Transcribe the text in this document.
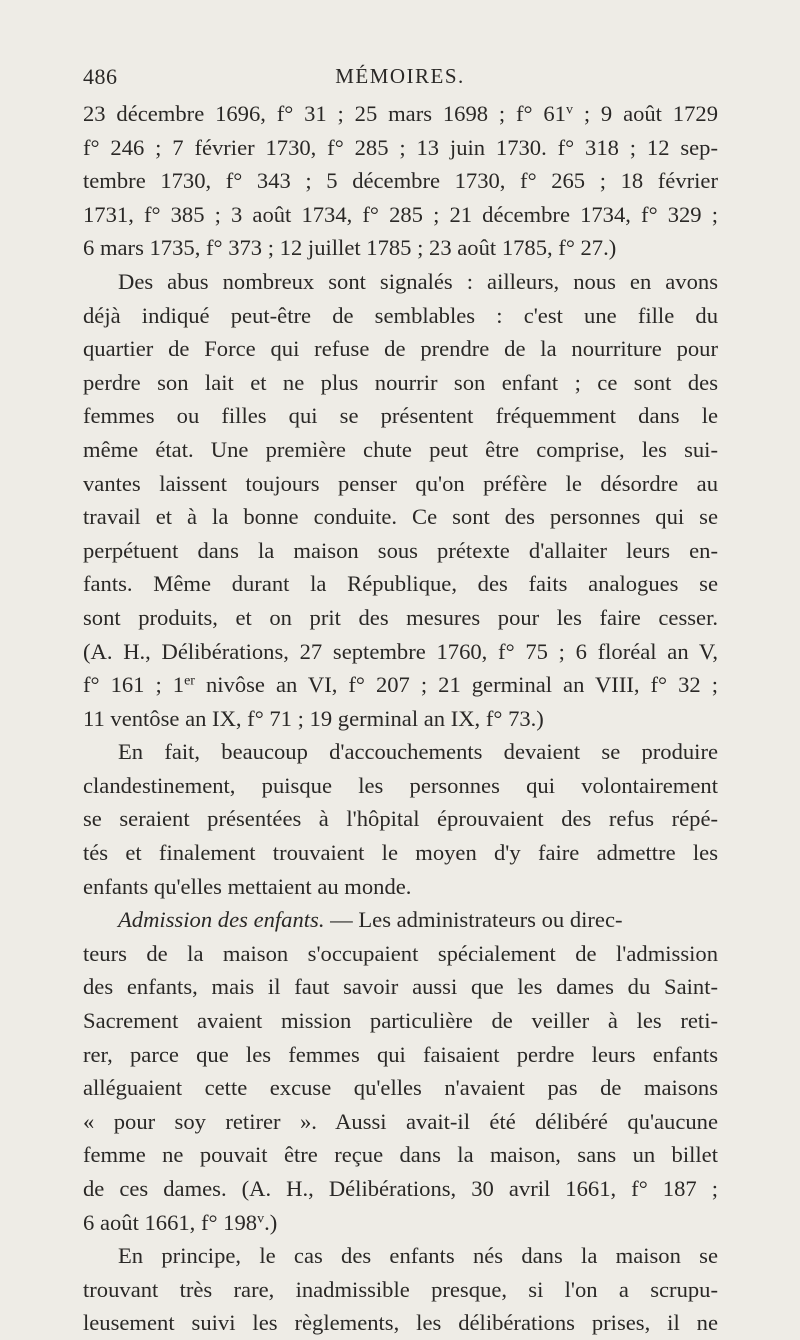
486	MÉMOIRES.
23 décembre 1696, f° 31 ; 25 mars 1698 ; f° 61$^v$ ; 9 août 1729
f° 246 ; 7 février 1730, f° 285 ; 13 juin 1730. f° 318 ; 12 sep-
tembre 1730, f° 343 ; 5 décembre 1730, f° 265 ; 18 février
1731, f° 385 ; 3 août 1734, f° 285 ; 21 décembre 1734, f° 329 ;
6 mars 1735, f° 373 ; 12 juillet 1785 ; 23 août 1785, f° 27.)
Des abus nombreux sont signalés : ailleurs, nous en avons
déjà indiqué peut-être de semblables : c'est une fille du
quartier de Force qui refuse de prendre de la nourriture pour
perdre son lait et ne plus nourrir son enfant ; ce sont des
femmes ou filles qui se présentent fréquemment dans le
même état. Une première chute peut être comprise, les sui-
vantes laissent toujours penser qu'on préfère le désordre au
travail et à la bonne conduite. Ce sont des personnes qui se
perpétuent dans la maison sous prétexte d'allaiter leurs en-
fants. Même durant la République, des faits analogues se
sont produits, et on prit des mesures pour les faire cesser.
(A. H., Délibérations, 27 septembre 1760, f° 75 ; 6 floréal an V,
f° 161 ; 1er nivôse an VI, f° 207 ; 21 germinal an VIII, f° 32 ;
11 ventôse an IX, f° 71 ; 19 germinal an IX, f° 73.)
En fait, beaucoup d'accouchements devaient se produire
clandestinement, puisque les personnes qui volontairement
se seraient présentées à l'hôpital éprouvaient des refus répé-
tés et finalement trouvaient le moyen d'y faire admettre les
enfants qu'elles mettaient au monde.
Admission des enfants. — Les administrateurs ou direc-
teurs de la maison s'occupaient spécialement de l'admission
des enfants, mais il faut savoir aussi que les dames du Saint-
Sacrement avaient mission particulière de veiller à les reti-
rer, parce que les femmes qui faisaient perdre leurs enfants
alléguaient cette excuse qu'elles n'avaient pas de maisons
« pour soy retirer ». Aussi avait-il été délibéré qu'aucune
femme ne pouvait être reçue dans la maison, sans un billet
de ces dames. (A. H., Délibérations, 30 avril 1661, f° 187 ;
6 août 1661, f° 198$^v$.)
En principe, le cas des enfants nés dans la maison se
trouvant très rare, inadmissible presque, si l'on a scrupu-
leusement suivi les règlements, les délibérations prises, il ne
